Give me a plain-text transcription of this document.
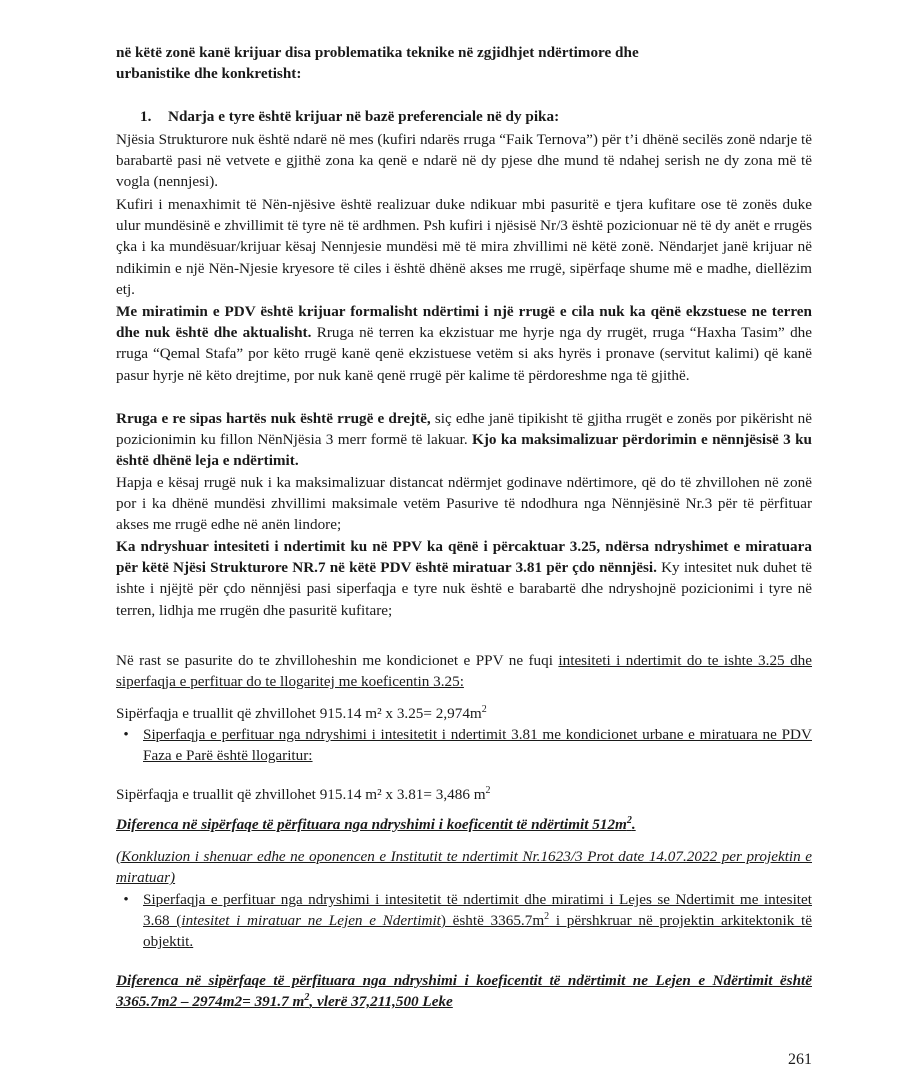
në këtë zonë kanë krijuar disa problematika teknike në zgjidhjet ndërtimore dhe
urbanistike dhe konkretisht:

1. Ndarja e tyre është krijuar në bazë preferenciale në dy pika:

Njësia Strukturore nuk është ndarë në mes (kufiri ndarës rruga “Faik Ternova”) për t’i dhënë secilës zonë ndarje të barabartë pasi në vetvete e gjithë zona ka qenë e ndarë në dy pjese dhe mund të ndahej serish ne dy zona më të vogla (nennjesi).

Kufiri i menaxhimit të Nën-njësive është realizuar duke ndikuar mbi pasuritë e tjera kufitare ose të zonës duke ulur mundësinë e zhvillimit të tyre në të ardhmen. Psh kufiri i njësisë Nr/3 është pozicionuar në të dy anët e rrugës çka i ka mundësuar/krijuar kësaj Nennjesie mundësi më të mira zhvillimi në këtë zonë. Nëndarjet janë krijuar në ndikimin e një Nën-Njesie kryesore të ciles i është dhënë akses me rrugë, sipërfaqe shume më e madhe, diellëzim etj.

Me miratimin e PDV është krijuar formalisht ndërtimi i një rrugë e cila nuk ka qënë ekzstuese ne terren dhe nuk është dhe aktualisht. Rruga në terren ka ekzistuar me hyrje nga dy rrugët, rruga “Haxha Tasim” dhe rruga “Qemal Stafa” por këto rrugë kanë qenë ekzistuese vetëm si aks hyrës i pronave (servitut kalimi) që kanë pasur hyrje në këto drejtime, por nuk kanë qenë rrugë për kalime të përdoreshme nga të gjithë.

Rruga e re sipas hartës nuk është rrugë e drejtë, siç edhe janë tipikisht të gjitha rrugët e zonës por pikërisht në pozicionimin ku fillon NënNjësia 3 merr formë të lakuar. Kjo ka maksimalizuar përdorimin e nënnjësisë 3 ku është dhënë leja e ndërtimit.

Hapja e kësaj rrugë nuk i ka maksimalizuar distancat ndërmjet godinave ndërtimore, që do të zhvillohen në zonë por i ka dhënë mundësi zhvillimi maksimale vetëm Pasurive të ndodhura nga Nënnjësinë Nr.3 për të përfituar akses me rrugë edhe në anën lindore;

Ka ndryshuar intesiteti i ndertimit ku në PPV ka qënë i përcaktuar 3.25, ndërsa ndryshimet e miratuara për këtë Njësi Strukturore NR.7 në këtë PDV është miratuar 3.81 për çdo nënnjësi. Ky intesitet nuk duhet të ishte i njëjtë për çdo nënnjësi pasi siperfaqja e tyre nuk është e barabartë dhe ndryshojnë pozicionimi i tyre në terren, lidhja me rrugën dhe pasuritë kufitare;

Në rast se pasurite do te zhvilloheshin me kondicionet e PPV ne fuqi intesiteti i ndertimit do te ishte 3.25 dhe siperfaqja e perfituar do te llogaritej me koeficentin 3.25:

Sipërfaqja e truallit që zhvillohet 915.14 m² x $3.25= 2,974m^2$

• Siperfaqja e perfituar nga ndryshimi i intesitetit i ndertimit 3.81 me kondicionet urbane e miratuara ne PDV Faza e Parë është llogaritur:

Sipërfaqja e truallit që zhvillohet 915.14 m² x 3.81= 3,486 $m^2$

Diferenca në sipërfaqe të përfituara nga ndryshimi i koeficentit të ndërtimit $512m^2$.

(Konkluzion i shenuar edhe ne oponencen e Institutit te ndertimit Nr.1623/3 Prot date 14.07.2022 per projektin e miratuar)

• Siperfaqja e perfituar nga ndryshimi i intesitetit të ndertimit dhe miratimi i Lejes se Ndertimit me intesitet 3.68 (intesitet i miratuar ne Lejen e Ndertimit) është $3365.7m^2$ i përshkruar në projektin arkitektonik të objektit.

Diferenca në sipërfaqe të përfituara nga ndryshimi i koeficentit të ndërtimit ne Lejen e Ndërtimit është 3365.7m2 – 2974m2= 391.7 $m^2$, vlerë 37,211,500 Leke

261
